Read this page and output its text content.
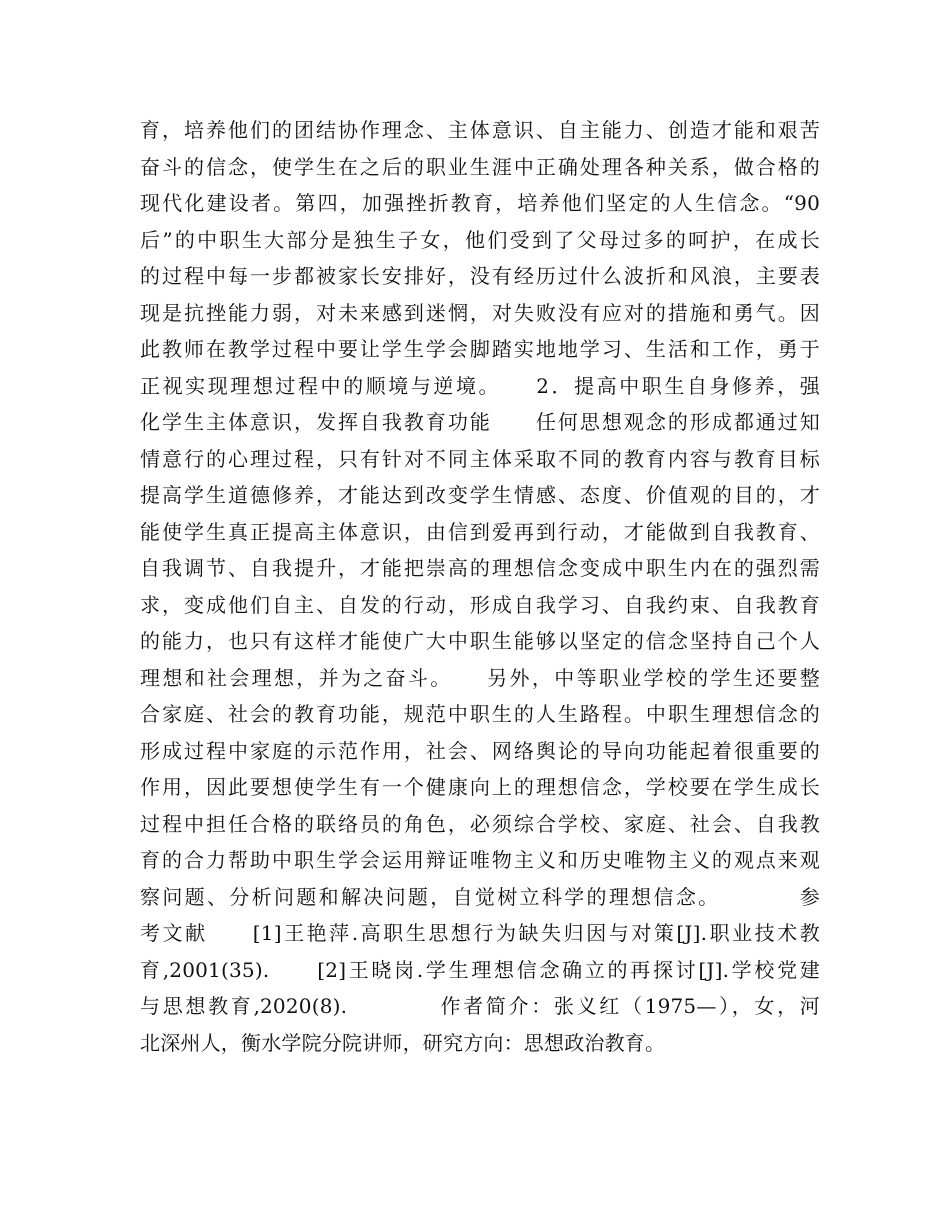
育，培养他们的团结协作理念、主体意识、自主能力、创造才能和艰苦
奋斗的信念，使学生在之后的职业生涯中正确处理各种关系，做合格的
现代化建设者。第四，加强挫折教育，培养他们坚定的人生信念。“90
后”的中职生大部分是独生子女，他们受到了父母过多的呵护，在成长
的过程中每一步都被家长安排好，没有经历过什么波折和风浪，主要表
现是抗挫能力弱，对未来感到迷惘，对失败没有应对的措施和勇气。因
此教师在教学过程中要让学生学会脚踏实地地学习、生活和工作，勇于
正视实现理想过程中的顺境与逆境。　　2．提高中职生自身修养，强
化学生主体意识，发挥自我教育功能　　任何思想观念的形成都通过知
情意行的心理过程，只有针对不同主体采取不同的教育内容与教育目标
提高学生道德修养，才能达到改变学生情感、态度、价值观的目的，才
能使学生真正提高主体意识，由信到爱再到行动，才能做到自我教育、
自我调节、自我提升，才能把崇高的理想信念变成中职生内在的强烈需
求，变成他们自主、自发的行动，形成自我学习、自我约束、自我教育
的能力，也只有这样才能使广大中职生能够以坚定的信念坚持自己个人
理想和社会理想，并为之奋斗。　　另外，中等职业学校的学生还要整
合家庭、社会的教育功能，规范中职生的人生路程。中职生理想信念的
形成过程中家庭的示范作用，社会、网络舆论的导向功能起着很重要的
作用，因此要想使学生有一个健康向上的理想信念，学校要在学生成长
过程中担任合格的联络员的角色，必须综合学校、家庭、社会、自我教
育的合力帮助中职生学会运用辩证唯物主义和历史唯物主义的观点来观
察问题、分析问题和解决问题，自觉树立科学的理想信念。　　　　参
考文献　　[1]王艳萍.高职生思想行为缺失归因与对策[J].职业技术教
育,2001(35).　　[2]王晓岗.学生理想信念确立的再探讨[J].学校党建
与思想教育,2020(8).　　　　作者简介：张义红（1975—），女，河
北深州人，衡水学院分院讲师，研究方向：思想政治教育。
